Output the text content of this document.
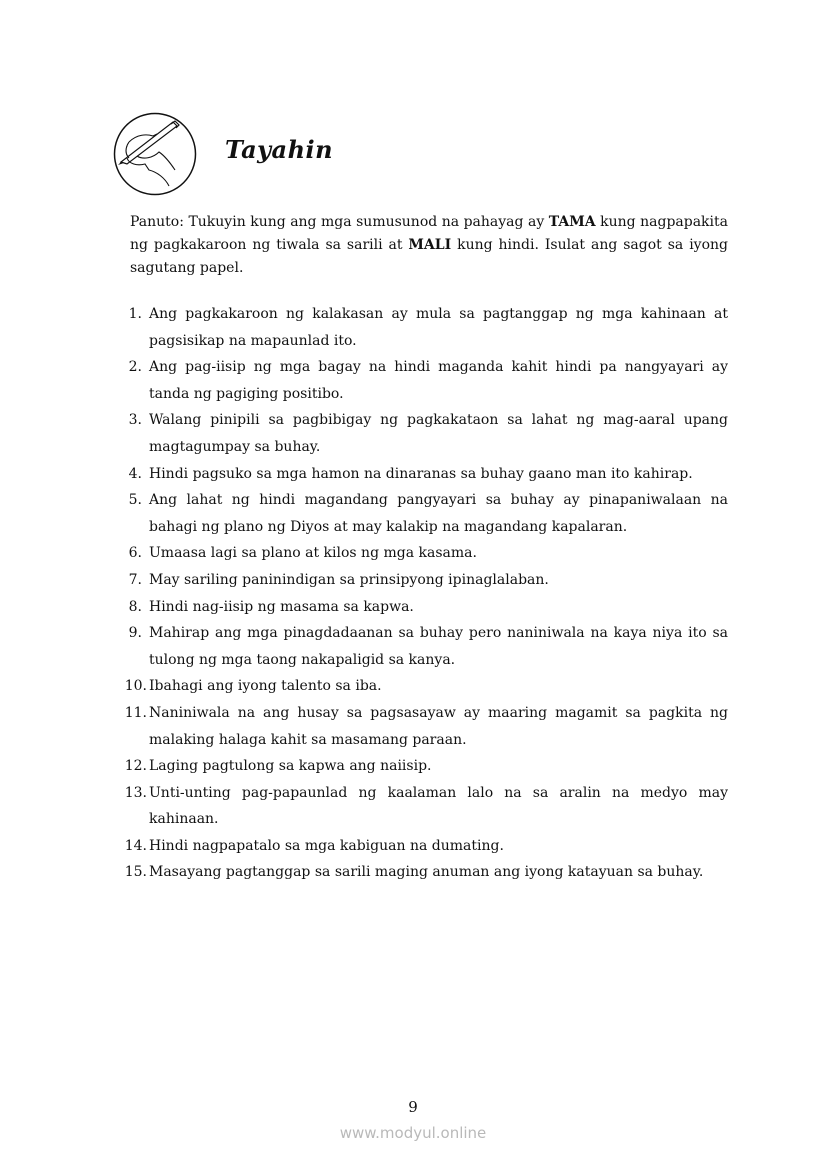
Tayahin
Panuto: Tukuyin kung ang mga sumusunod na pahayag ay TAMA kung nagpapakita ng pagkakaroon ng tiwala sa sarili at MALI kung hindi. Isulat ang sagot sa iyong sagutang papel.
1. Ang pagkakaroon ng kalakasan ay mula sa pagtanggap ng mga kahinaan at pagsisikap na mapaunlad ito.
2. Ang pag-iisip ng mga bagay na hindi maganda kahit hindi pa nangyayari ay tanda ng pagiging positibo.
3. Walang pinipili sa pagbibigay ng pagkakataon sa lahat ng mag-aaral upang magtagumpay sa buhay.
4. Hindi pagsuko sa mga hamon na dinaranas sa buhay gaano man ito kahirap.
5. Ang lahat ng hindi magandang pangyayari sa buhay ay pinapaniwalaan na bahagi ng plano ng Diyos at may kalakip na magandang kapalaran.
6. Umaasa lagi sa plano at kilos ng mga kasama.
7. May sariling paninindigan sa prinsipyong ipinaglalaban.
8. Hindi nag-iisip ng masama sa kapwa.
9. Mahirap ang mga pinagdadaanan sa buhay pero naniniwala na kaya niya ito sa tulong ng mga taong nakapaligid sa kanya.
10. Ibahagi ang iyong talento sa iba.
11. Naniniwala na ang husay sa pagsasayaw ay maaring magamit sa pagkita ng malaking halaga kahit sa masamang paraan.
12. Laging pagtulong sa kapwa ang naiisip.
13. Unti-unting pag-papaunlad ng kaalaman lalo na sa aralin na medyo may kahinaan.
14. Hindi nagpapatalo sa mga kabiguan na dumating.
15. Masayang pagtanggap sa sarili maging anuman ang iyong katayuan sa buhay.
9
www.modyul.online
